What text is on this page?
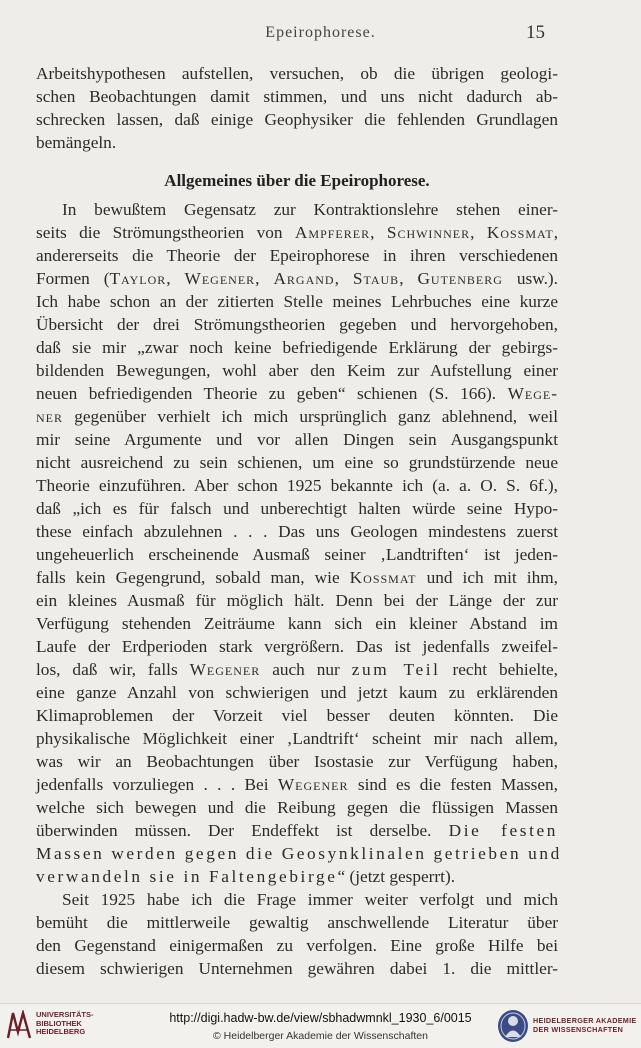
Epeirophorese.	15
Arbeitshypothesen aufstellen, versuchen, ob die übrigen geologi-
schen Beobachtungen damit stimmen, und uns nicht dadurch ab-
schrecken lassen, daß einige Geophysiker die fehlenden Grundlagen
bemängeln.
Allgemeines über die Epeirophorese.
In bewußtem Gegensatz zur Kontraktionslehre stehen einer-
seits die Strömungstheorien von Ampferer, Schwinner, Kossmat,
andererseits die Theorie der Epeirophorese in ihren verschiedenen
Formen (Taylor, Wegener, Argand, Staub, Gutenberg usw.).
Ich habe schon an der zitierten Stelle meines Lehrbuches eine kurze
Übersicht der drei Strömungstheorien gegeben und hervorgehoben,
daß sie mir „zwar noch keine befriedigende Erklärung der gebirgs-
bildenden Bewegungen, wohl aber den Keim zur Aufstellung einer
neuen befriedigenden Theorie zu geben“ schienen (S. 166). Wege-
ner gegenüber verhielt ich mich ursprünglich ganz ablehnend, weil
mir seine Argumente und vor allen Dingen sein Ausgangspunkt
nicht ausreichend zu sein schienen, um eine so grundstürzende neue
Theorie einzuführen. Aber schon 1925 bekannte ich (a. a. O. S. 6f.),
daß „ich es für falsch und unberechtigt halten würde seine Hypo-
these einfach abzulehnen . . . Das uns Geologen mindestens zuerst
ungeheuerlich erscheinende Ausmaß seiner ‚Landtriften‘ ist jeden-
falls kein Gegengrund, sobald man, wie Kossmat und ich mit ihm,
ein kleines Ausmaß für möglich hält. Denn bei der Länge der zur
Verfügung stehenden Zeiträume kann sich ein kleiner Abstand im
Laufe der Erdperioden stark vergrößern. Das ist jedenfalls zweifel-
los, daß wir, falls Wegener auch nur zum Teil recht behielte,
eine ganze Anzahl von schwierigen und jetzt kaum zu erklärenden
Klimaproblemen der Vorzeit viel besser deuten könnten. Die
physikalische Möglichkeit einer ‚Landtrift‘ scheint mir nach allem,
was wir an Beobachtungen über Isostasie zur Verfügung haben,
jedenfalls vorzuliegen . . . Bei Wegener sind es die festen Massen,
welche sich bewegen und die Reibung gegen die flüssigen Massen
überwinden müssen. Der Endeffekt ist derselbe. Die festen
Massen werden gegen die Geosynklinalen getrieben und
verwandeln sie in Faltengebirge“ (jetzt gesperrt).
Seit 1925 habe ich die Frage immer weiter verfolgt und mich
bemüht die mittlerweile gewaltig anschwellende Literatur über
den Gegenstand einigermaßen zu verfolgen. Eine große Hilfe bei
diesem schwierigen Unternehmen gewähren dabei 1. die mittler-
UNIVERSITÄTS-
BIBLIOTHEK
HEIDELBERG
http://digi.hadw-bw.de/view/sbhadwmnkl_1930_6/0015
© Heidelberger Akademie der Wissenschaften
HEIDELBERGER AKADEMIE
DER WISSENSCHAFTEN
